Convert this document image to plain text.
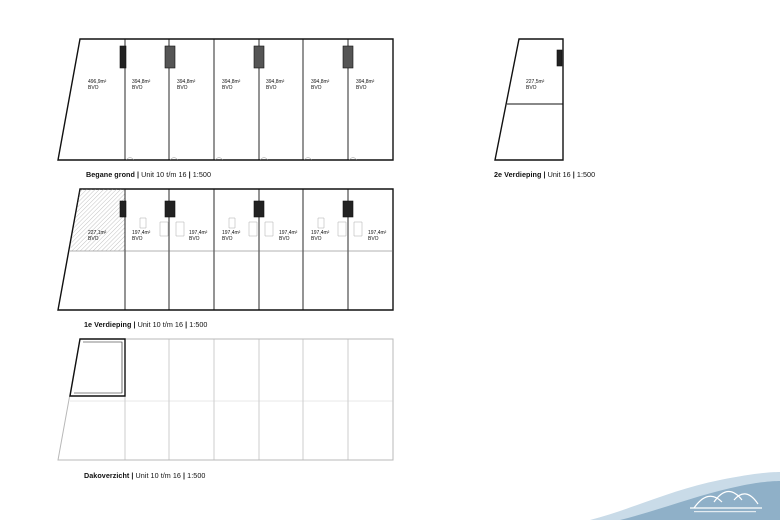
496,9m²
BVO
394,8m²
BVO
394,8m²
BVO
394,8m²
BVO
394,8m²
BVO
394,8m²
BVO
394,8m²
BVO
227,5m²
BVO
227,1m²
BVO
197,4m²
BVO
197,4m²
BVO
197,4m²
BVO
197,4m²
BVO
197,4m²
BVO
197,4m²
BVO
Begane grond | Unit 10 t/m 16 | 1:500	2e Verdieping | Unit 16 | 1:500
1e Verdieping | Unit 10 t/m 16 | 1:500
Dakoverzicht | Unit 10 t/m 16 | 1:500
